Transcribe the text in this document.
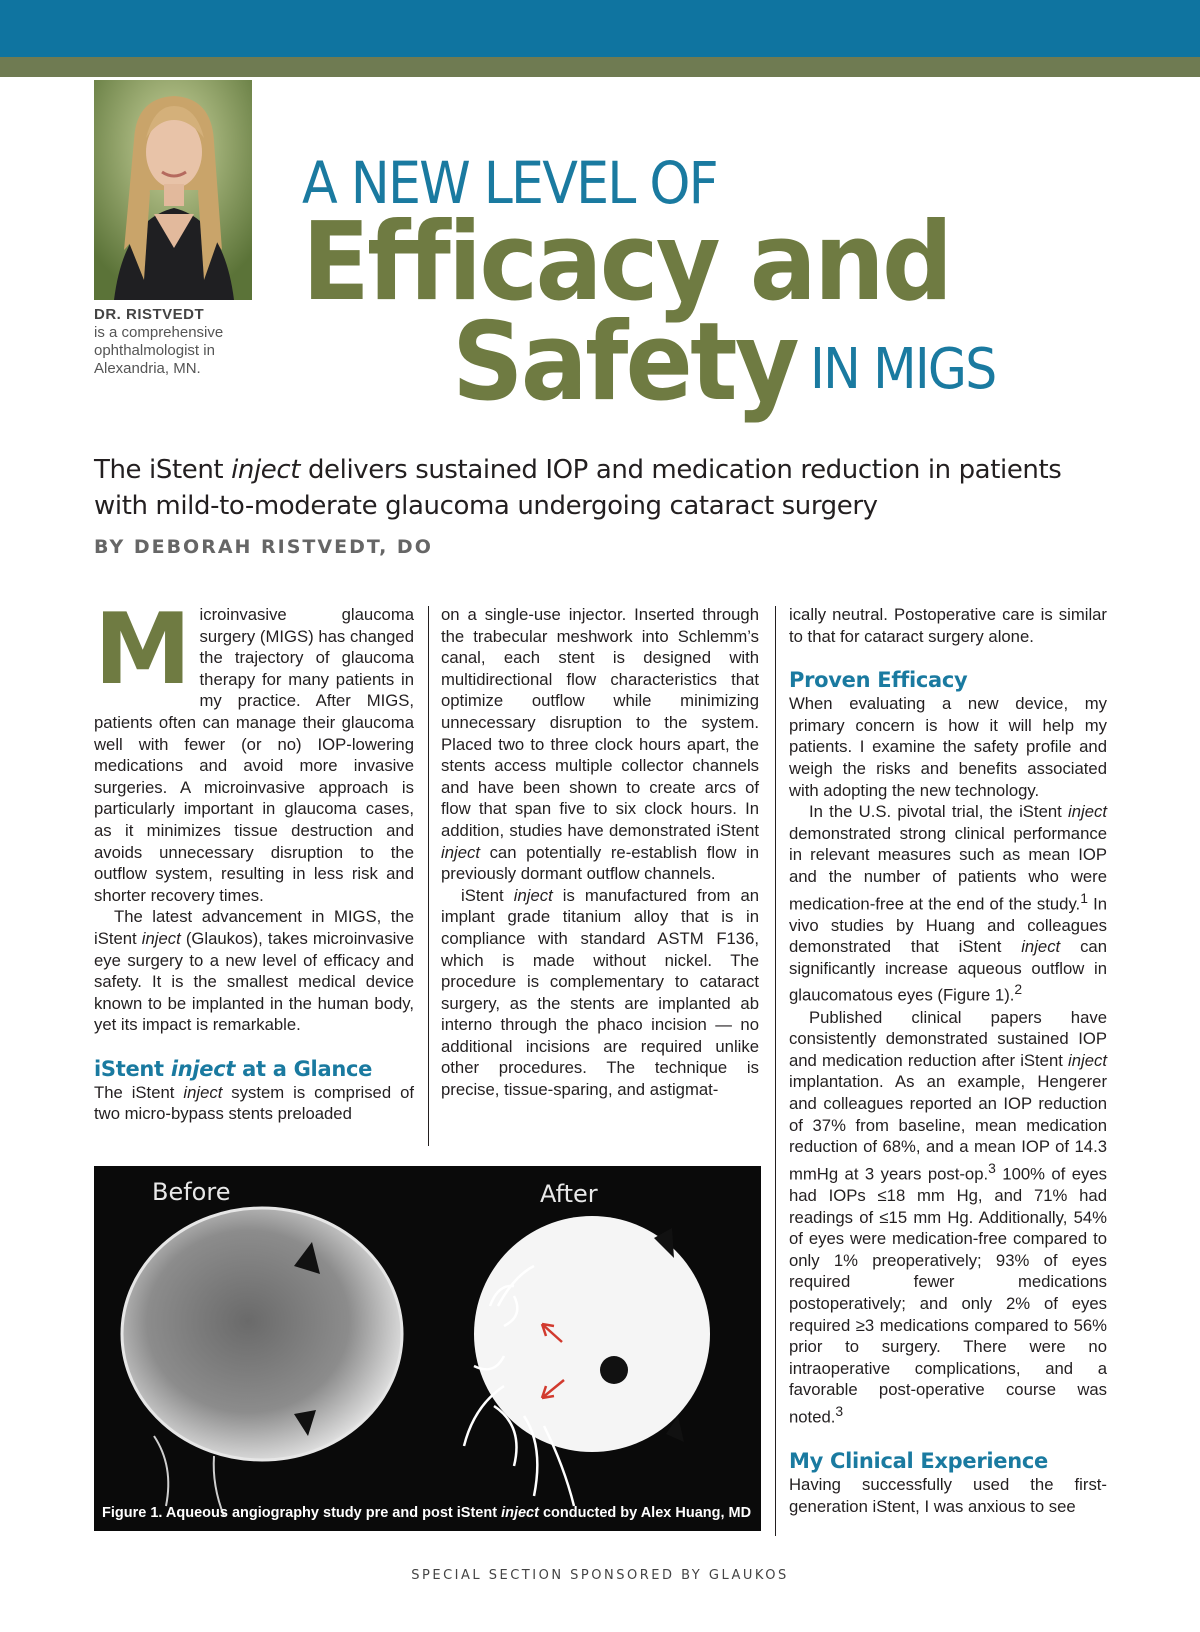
DR. RISTVEDT
is a comprehensive ophthalmologist in Alexandria, MN.
A NEW LEVEL OF
Efficacy and
Safety IN MIGS
The iStent inject delivers sustained IOP and medication reduction in patients with mild-to-moderate glaucoma undergoing cataract surgery
BY DEBORAH RISTVEDT, DO

Microinvasive glaucoma surgery (MIGS) has changed the trajectory of glaucoma therapy for many patients in my practice. After MIGS, patients often can manage their glaucoma well with fewer (or no) IOP-lowering medications and avoid more invasive surgeries. A microinvasive approach is particularly important in glaucoma cases, as it minimizes tissue destruction and avoids unnecessary disruption to the outflow system, resulting in less risk and shorter recovery times.

The latest advancement in MIGS, the iStent inject (Glaukos), takes microinvasive eye surgery to a new level of efficacy and safety. It is the smallest medical device known to be implanted in the human body, yet its impact is remarkable.

iStent inject at a Glance

The iStent inject system is comprised of two micro-bypass stents preloaded

on a single-use injector. Inserted through the trabecular meshwork into Schlemm’s canal, each stent is designed with multidirectional flow characteristics that optimize outflow while minimizing unnecessary disruption to the system. Placed two to three clock hours apart, the stents access multiple collector channels and have been shown to create arcs of flow that span five to six clock hours. In addition, studies have demonstrated iStent inject can potentially re-establish flow in previously dormant outflow channels.

iStent inject is manufactured from an implant grade titanium alloy that is in compliance with standard ASTM F136, which is made without nickel. The procedure is complementary to cataract surgery, as the stents are implanted ab interno through the phaco incision — no additional incisions are required unlike other procedures. The technique is precise, tissue-sparing, and astigmat-

ically neutral. Postoperative care is similar to that for cataract surgery alone.

Proven Efficacy

When evaluating a new device, my primary concern is how it will help my patients. I examine the safety profile and weigh the risks and benefits associated with adopting the new technology.

In the U.S. pivotal trial, the iStent inject demonstrated strong clinical performance in relevant measures such as mean IOP and the number of patients who were medication-free at the end of the study.$^1$ In vivo studies by Huang and colleagues demonstrated that iStent inject can significantly increase aqueous outflow in glaucomatous eyes (Figure 1).$^2$

Published clinical papers have consistently demonstrated sustained IOP and medication reduction after iStent inject implantation. As an example, Hengerer and colleagues reported an IOP reduction of 37% from baseline, mean medication reduction of 68%, and a mean IOP of 14.3 mmHg at 3 years post-op.$^3$ 100% of eyes had IOPs ≤18 mm Hg, and 71% had readings of ≤15 mm Hg. Additionally, 54% of eyes were medication-free compared to only 1% preoperatively; 93% of eyes required fewer medications postoperatively; and only 2% of eyes required ≥3 medications compared to 56% prior to surgery. There were no intraoperative complications, and a favorable post-operative course was noted.$^3$

My Clinical Experience

Having successfully used the first-generation iStent, I was anxious to see

Before	After
Figure 1. Aqueous angiography study pre and post iStent inject conducted by Alex Huang, MD
SPECIAL SECTION SPONSORED BY GLAUKOS
